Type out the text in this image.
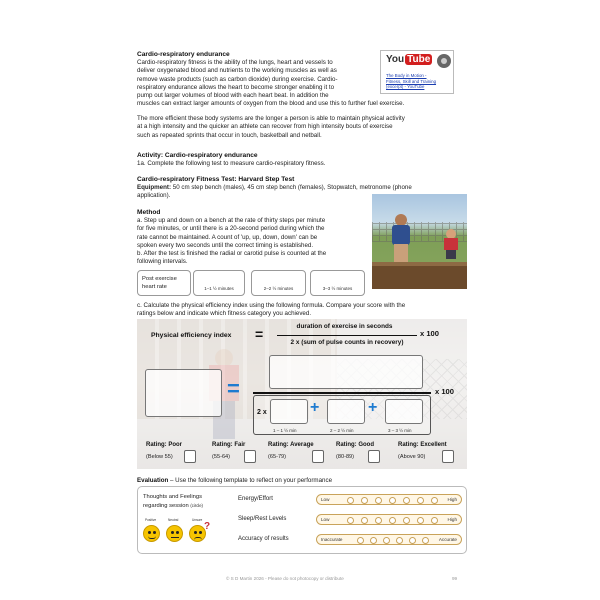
Cardio-respiratory endurance
Cardio-respiratory fitness is the ability of the lungs, heart and vessels to
deliver oxygenated blood and nutrients to the working muscles as well as
remove waste products (such as carbon dioxide) during exercise. Cardio-
respiratory endurance allows the heart to become stronger enabling it to
pump out larger volumes of blood with each heart beat. In addition the
muscles can extract larger amounts of oxygen from the blood and use this to further fuel exercise.
You Tube
The Body in Motion -
Fitness, Skill and Training
(excerpt) - YouTube
The more efficient these body systems are the longer a person is able to maintain physical activity
at a high intensity and the quicker an athlete can recover from high intensity bouts of exercise
such as repeated sprints that occur in touch, basketball and netball.
Activity: Cardio-respiratory endurance
1a. Complete the following test to measure cardio-respiratory fitness.
Cardio-respiratory Fitness Test: Harvard Step Test
Equipment: 50 cm step bench (males), 45 cm step bench (females), Stopwatch, metronome (phone
application).
Method
a. Step up and down on a bench at the rate of thirty steps per minute
for five minutes, or until there is a 20-second period during which the
rate cannot be maintained. A count of 'up, up, down, down' can be
spoken every two seconds until the correct timing is established.
b. After the test is finished the radial or carotid pulse is counted at the
following intervals.
Post exercise
heart rate	1–1 ½ minutes	2–2 ½ minutes	3–3 ½ minutes
c. Calculate the physical efficiency index using the following formula. Compare your score with the
ratings below and indicate which fitness category you achieved.
Physical efficiency index =	duration of exercise in seconds
2 x (sum of pulse counts in recovery)
x 100
=	x 100
2 x	+	+
1 – 1 ½ min	2 – 2 ½ min	3 – 3 ½ min
Rating: Poor
(Below 55)
Rating: Fair
(55-64)
Rating: Average
(65-79)
Rating: Good
(80-89)
Rating: Excellent
(Above 90)
Evaluation – Use the following template to reflect on your performance
Thoughts and Feelings
regarding session (circle)
Positive	Neutral	Unsure
?
Energy/Effort	Low	High
Sleep/Rest Levels	Low	High
Accuracy of results	Inaccurate	Accurate
© S D Martin 2026 - Please do not photocopy or distribute	99
